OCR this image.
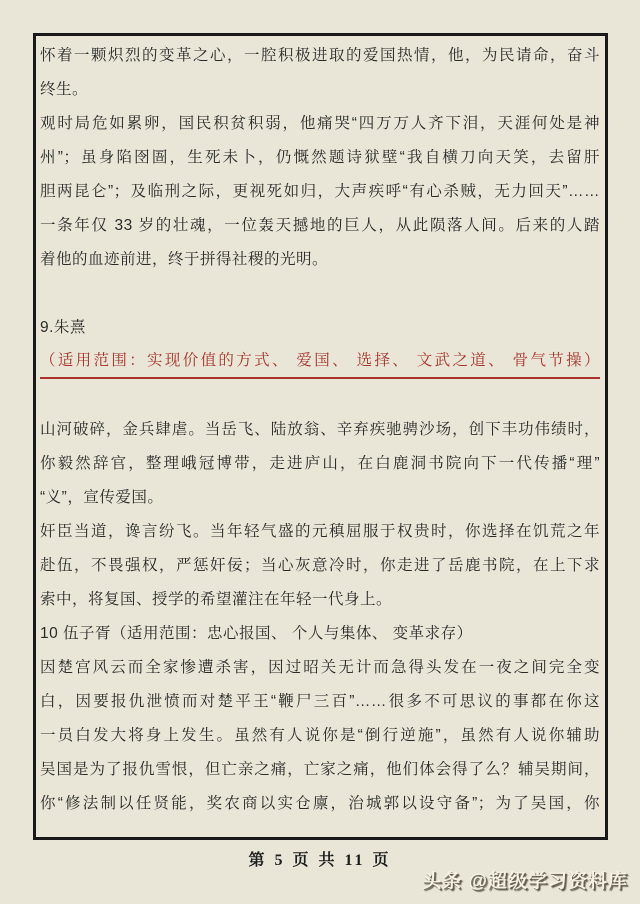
怀着一颗炽烈的变革之心，一腔积极进取的爱国热情，他，为民请命，奋斗
终生。
观时局危如累卵，国民积贫积弱，他痛哭“四万万人齐下泪，天涯何处是神
州”；虽身陷囹圄，生死未卜，仍慨然题诗狱壁“我自横刀向天笑，去留肝
胆两昆仑”；及临刑之际，更视死如归，大声疾呼“有心杀贼，无力回天”……
一条年仅 33 岁的壮魂，一位轰天撼地的巨人，从此陨落人间。后来的人踏
着他的血迹前进，终于拼得社稷的光明。
9.朱熹
（适用范围：实现价值的方式、 爱国、 选择、 文武之道、 骨气节操）
山河破碎，金兵肆虐。当岳飞、陆放翁、辛弃疾驰骋沙场，创下丰功伟绩时，
你毅然辞官，整理峨冠博带，走进庐山，在白鹿洞书院向下一代传播“理”
“义”，宣传爱国。
奸臣当道，谗言纷飞。当年轻气盛的元稹屈服于权贵时，你选择在饥荒之年
赴伍，不畏强权，严惩奸佞；当心灰意冷时，你走进了岳鹿书院，在上下求
索中，将复国、授学的希望灌注在年轻一代身上。
10 伍子胥（适用范围：忠心报国、 个人与集体、 变革求存）
因楚宫风云而全家惨遭杀害，因过昭关无计而急得头发在一夜之间完全变
白，因要报仇泄愤而对楚平王“鞭尸三百”……很多不可思议的事都在你这
一员白发大将身上发生。虽然有人说你是“倒行逆施”，虽然有人说你辅助
吴国是为了报仇雪恨，但亡亲之痛，亡家之痛，他们体会得了么？辅吴期间，
你“修法制以任贤能，奖农商以实仓廪，治城郭以设守备”；为了吴国，你
第 5 页 共 11 页
头条 @超级学习资料库
